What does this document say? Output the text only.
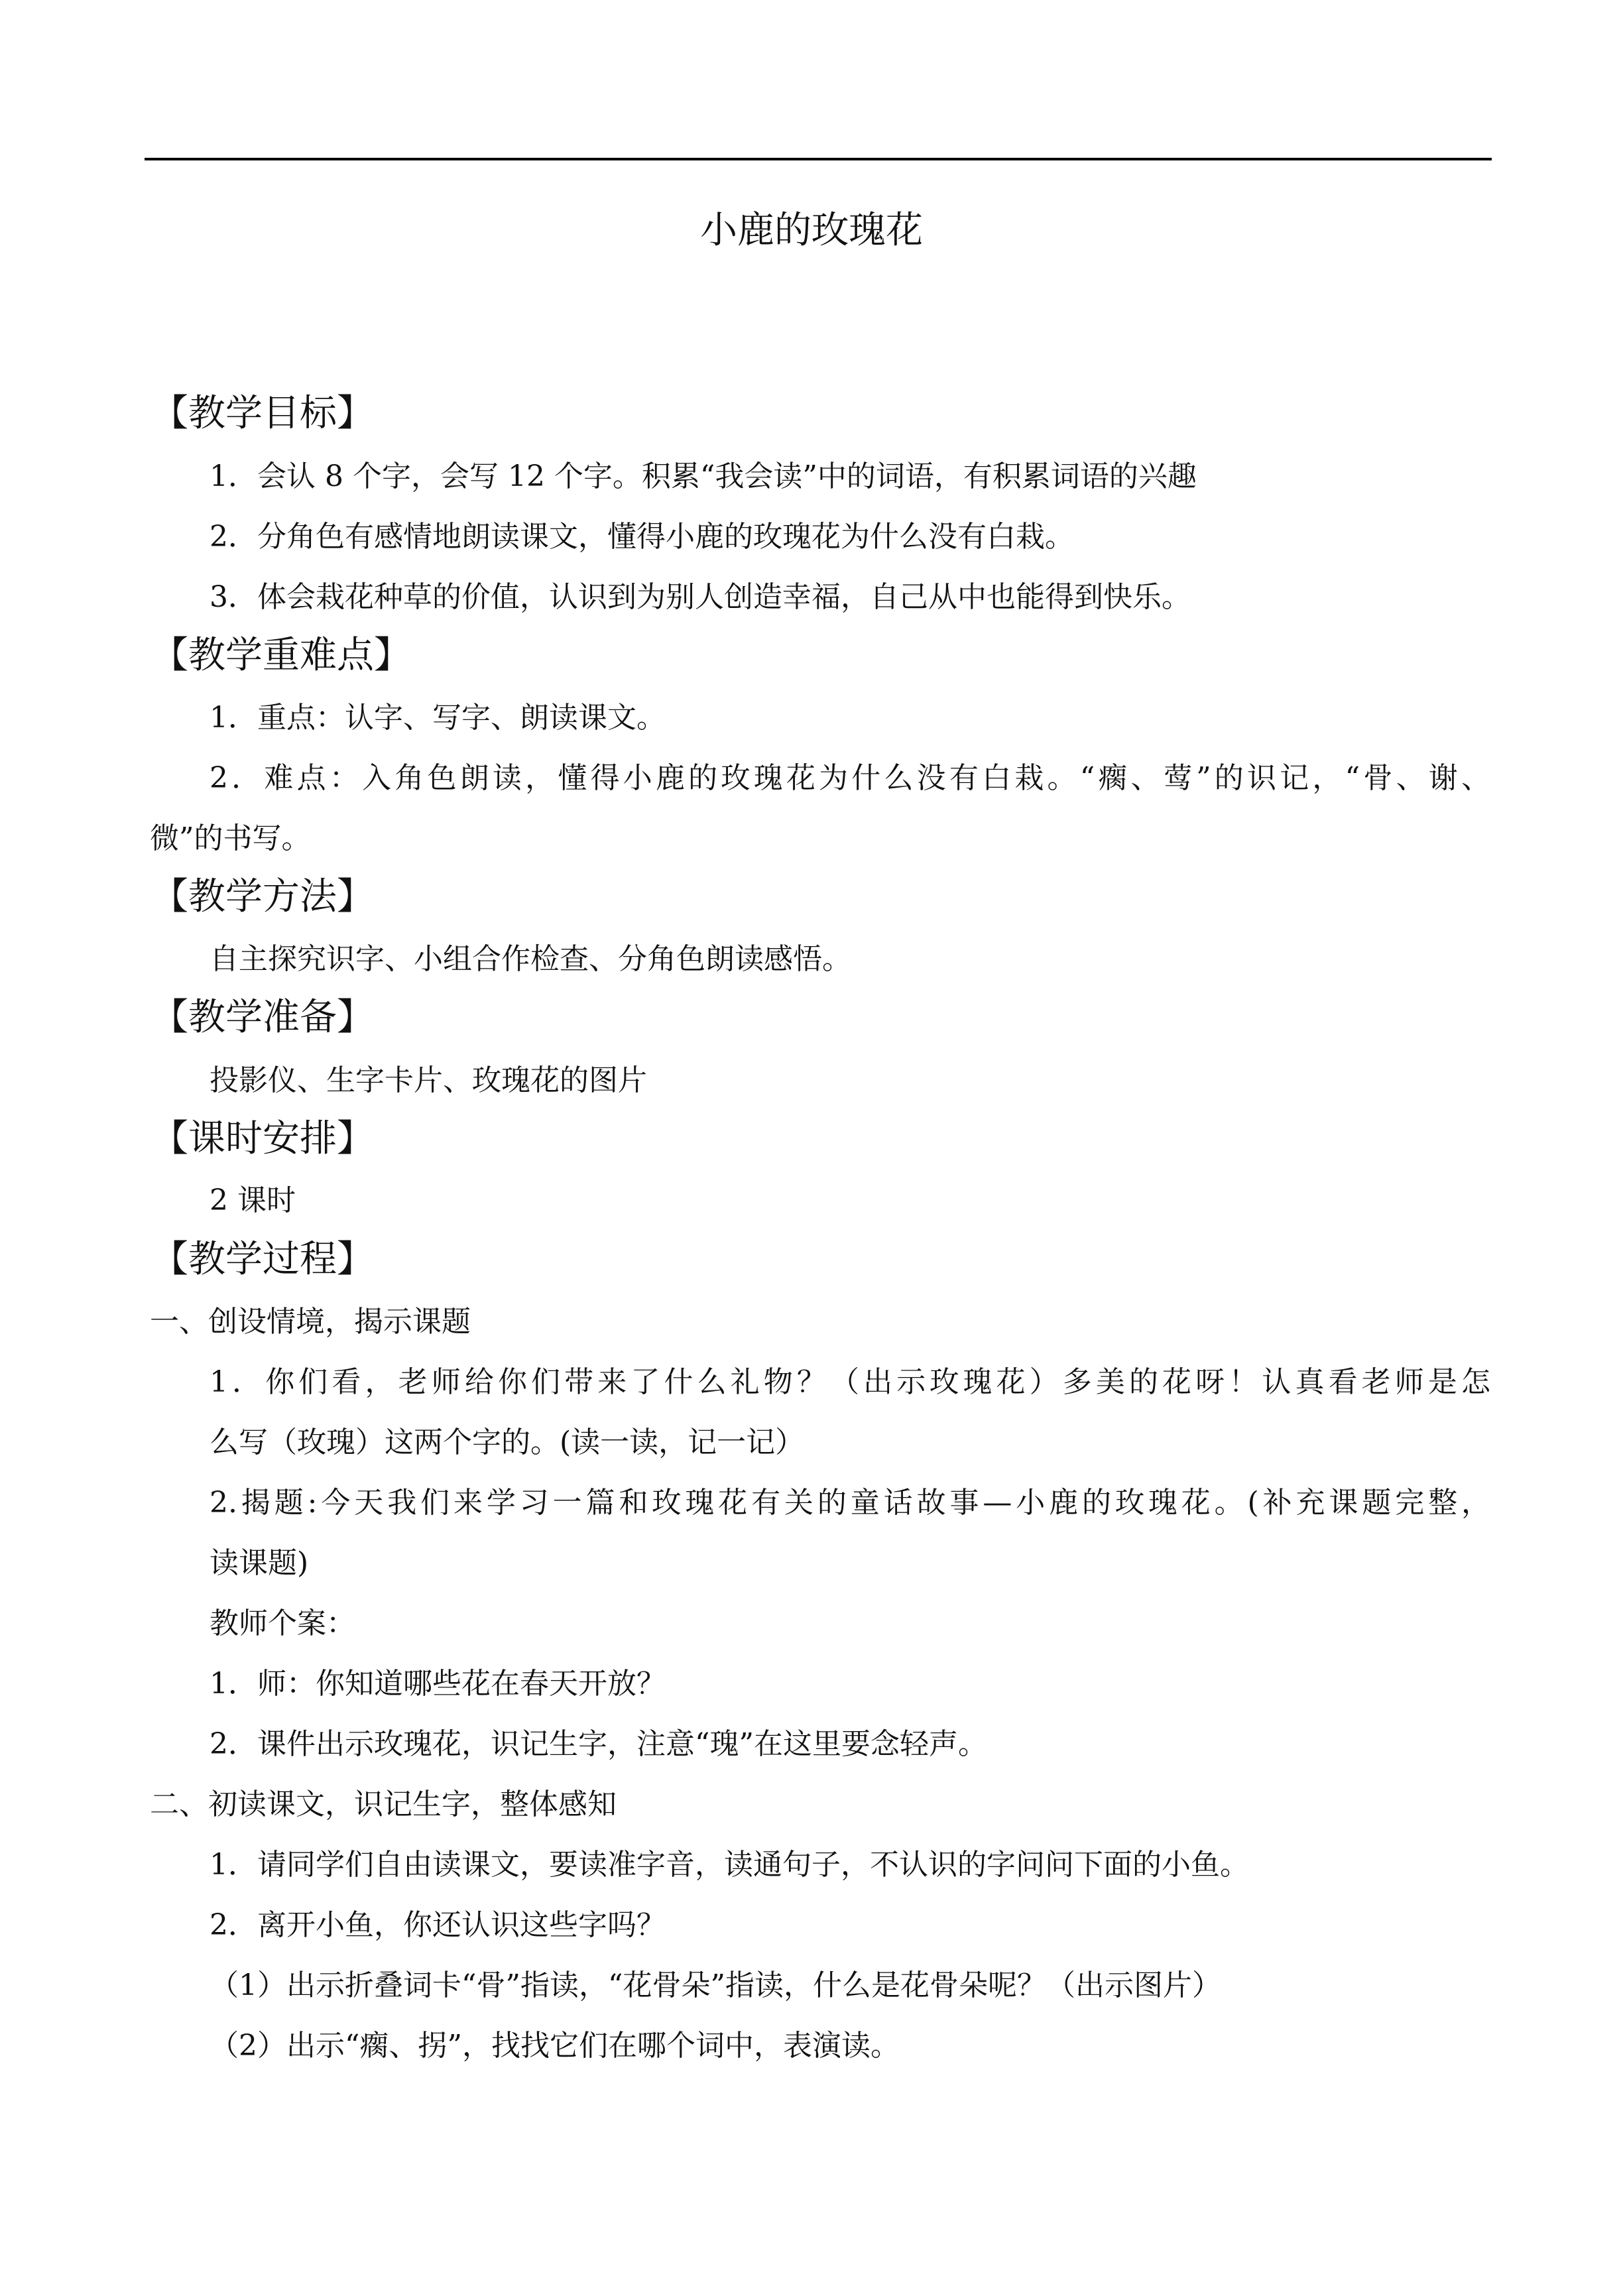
小鹿的玫瑰花
【教学目标】
1．会认 8 个字，会写 12 个字。积累“我会读”中的词语，有积累词语的兴趣
2．分角色有感情地朗读课文，懂得小鹿的玫瑰花为什么没有白栽。
3．体会栽花种草的价值，认识到为别人创造幸福，自己从中也能得到快乐。
【教学重难点】
1．重点：认字、写字、朗读课文。
2．难点：入角色朗读，懂得小鹿的玫瑰花为什么没有白栽。“瘸、莺”的识记，“骨、谢、
微”的书写。
【教学方法】
自主探究识字、小组合作检查、分角色朗读感悟。
【教学准备】
投影仪、生字卡片、玫瑰花的图片
【课时安排】
2 课时
【教学过程】
一、创设情境，揭示课题
1．你们看，老师给你们带来了什么礼物？（出示玫瑰花）多美的花呀！认真看老师是怎
么写（玫瑰）这两个字的。(读一读，记一记）
2.揭题:今天我们来学习一篇和玫瑰花有关的童话故事—小鹿的玫瑰花。(补充课题完整，
读课题)
教师个案：
1．师：你知道哪些花在春天开放？
2．课件出示玫瑰花，识记生字，注意“瑰”在这里要念轻声。
二、初读课文，识记生字，整体感知
1．请同学们自由读课文，要读准字音，读通句子，不认识的字问问下面的小鱼。
2．离开小鱼，你还认识这些字吗？
（1）出示折叠词卡“骨”指读，“花骨朵”指读，什么是花骨朵呢？（出示图片）
（2）出示“瘸、拐”，找找它们在哪个词中，表演读。
